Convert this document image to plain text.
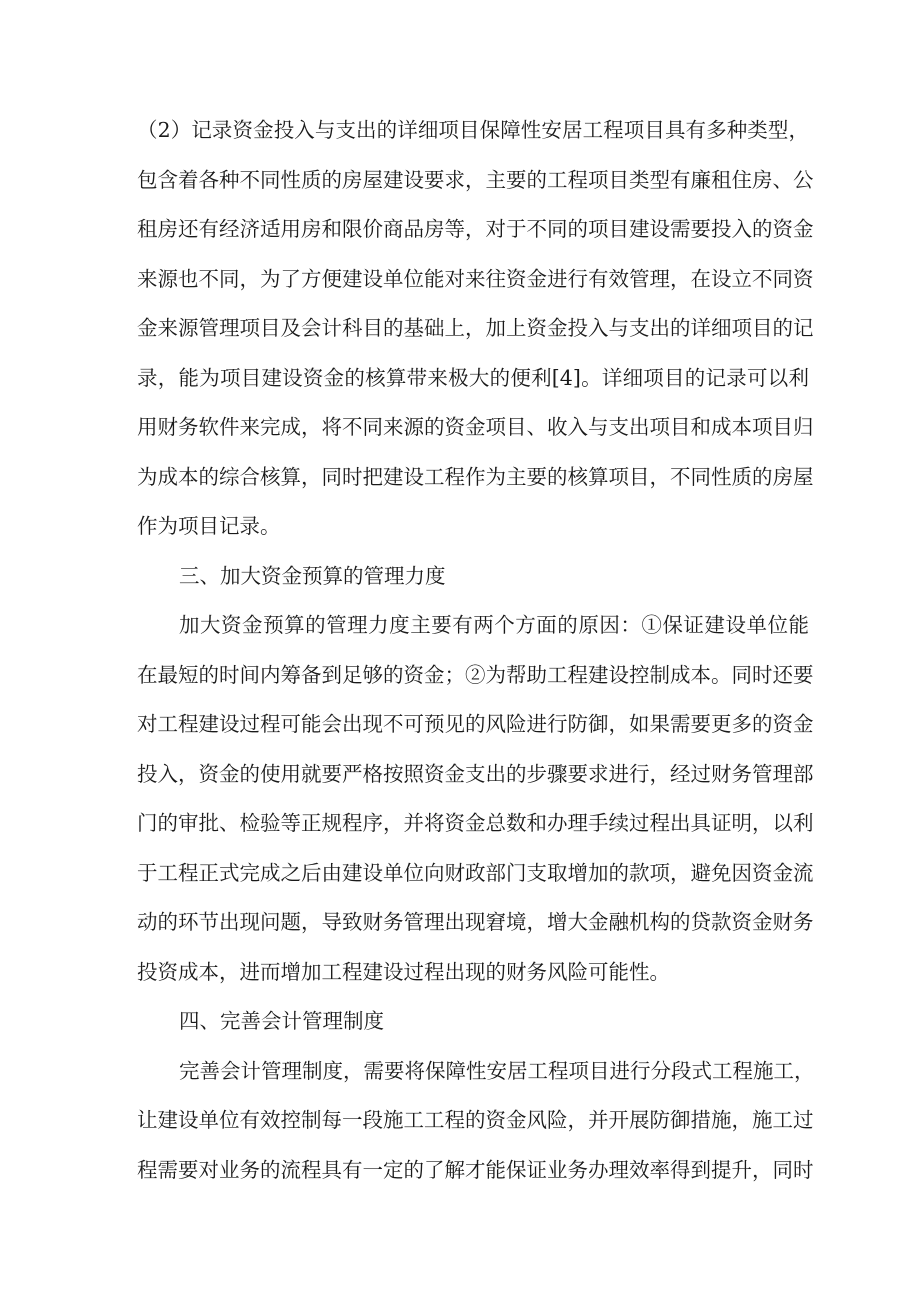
（2）记录资金投入与支出的详细项目保障性安居工程项目具有多种类型，
包含着各种不同性质的房屋建设要求，主要的工程项目类型有廉租住房、公
租房还有经济适用房和限价商品房等，对于不同的项目建设需要投入的资金
来源也不同，为了方便建设单位能对来往资金进行有效管理，在设立不同资
金来源管理项目及会计科目的基础上，加上资金投入与支出的详细项目的记
录，能为项目建设资金的核算带来极大的便利[4]。详细项目的记录可以利
用财务软件来完成，将不同来源的资金项目、收入与支出项目和成本项目归
为成本的综合核算，同时把建设工程作为主要的核算项目，不同性质的房屋
作为项目记录。
三、加大资金预算的管理力度
加大资金预算的管理力度主要有两个方面的原因：①保证建设单位能
在最短的时间内筹备到足够的资金；②为帮助工程建设控制成本。同时还要
对工程建设过程可能会出现不可预见的风险进行防御，如果需要更多的资金
投入，资金的使用就要严格按照资金支出的步骤要求进行，经过财务管理部
门的审批、检验等正规程序，并将资金总数和办理手续过程出具证明，以利
于工程正式完成之后由建设单位向财政部门支取增加的款项，避免因资金流
动的环节出现问题，导致财务管理出现窘境，增大金融机构的贷款资金财务
投资成本，进而增加工程建设过程出现的财务风险可能性。
四、完善会计管理制度
完善会计管理制度，需要将保障性安居工程项目进行分段式工程施工，
让建设单位有效控制每一段施工工程的资金风险，并开展防御措施，施工过
程需要对业务的流程具有一定的了解才能保证业务办理效率得到提升，同时
